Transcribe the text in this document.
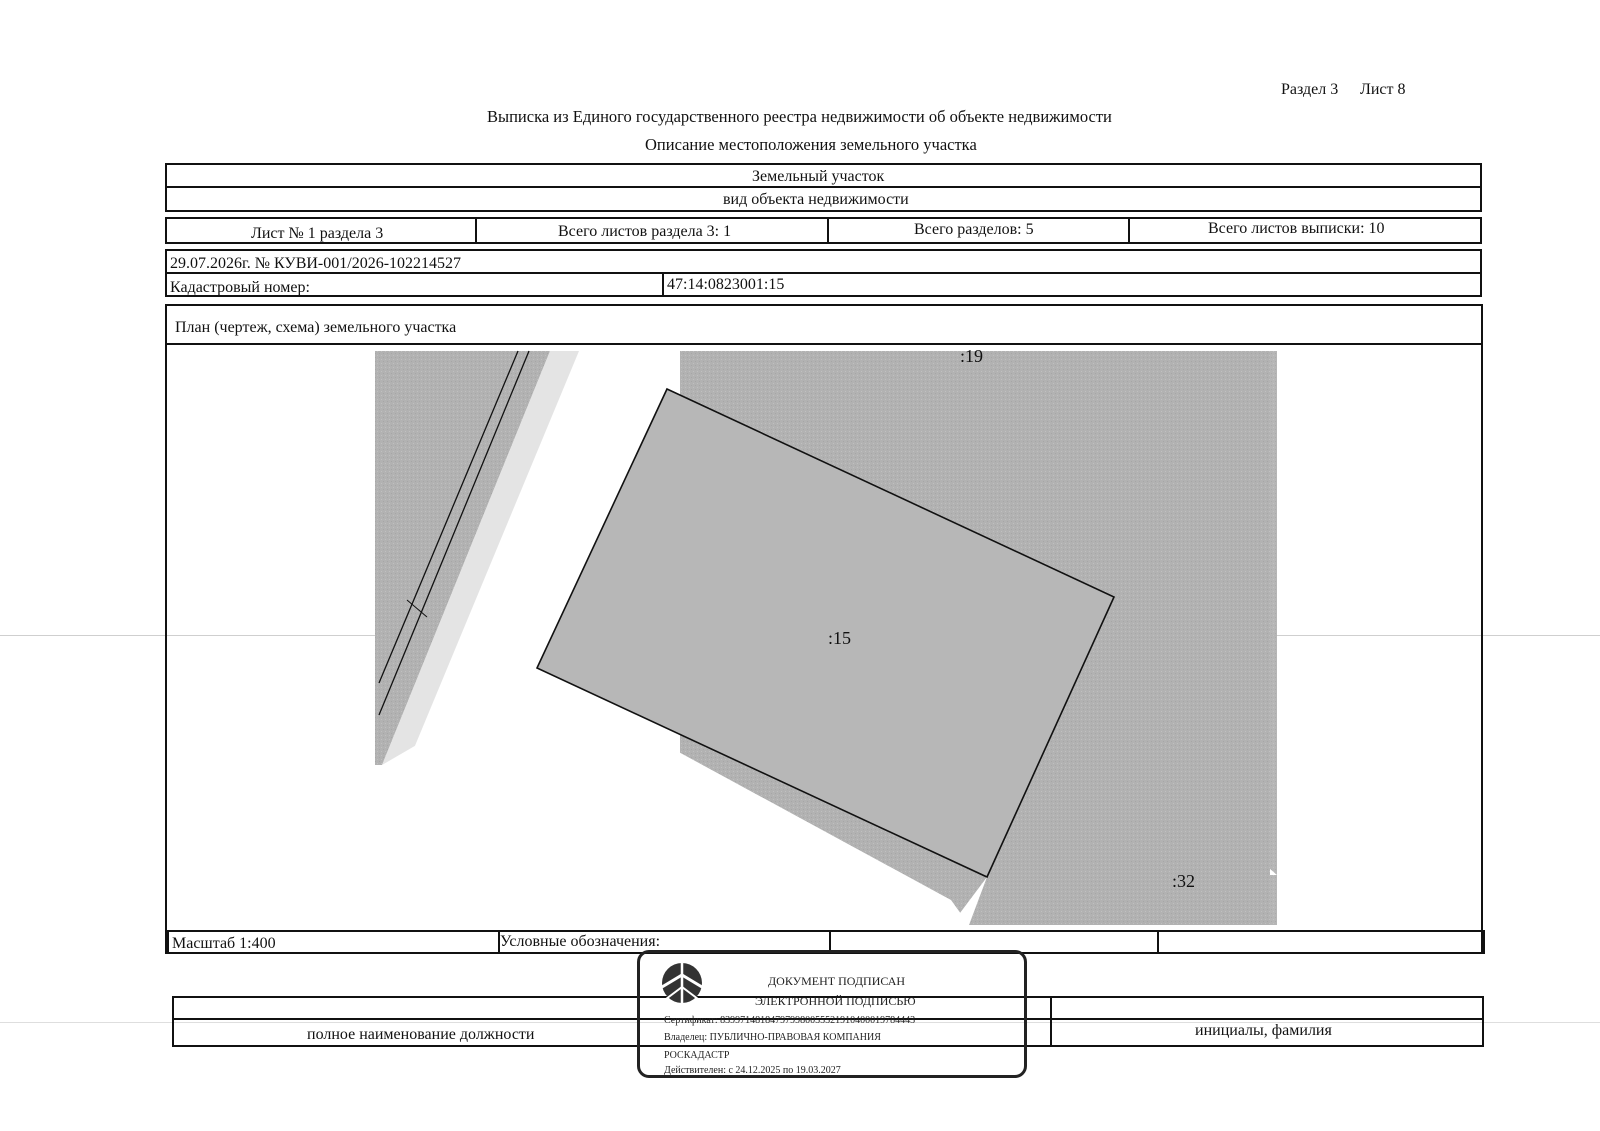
Раздел 3 Лист 8
Выписка из Единого государственного реестра недвижимости об объекте недвижимости
Описание местоположения земельного участка
Земельный участок
вид объекта недвижимости
Лист № 1 раздела 3	Всего листов раздела 3: 1	Всего разделов: 5	Всего листов выписки: 10
29.07.2026г. № КУВИ-001/2026-102214527
Кадастровый номер:	47:14:0823001:15
План (чертеж, схема) земельного участка
:19
:15
:32
Масштаб 1:400	Условные обозначения:
полное наименование должности	инициалы, фамилия
ДОКУМЕНТ ПОДПИСАН
ЭЛЕКТРОННОЙ ПОДПИСЬЮ
Сертификат: 839971481847979980055521910400019784443
Владелец: ПУБЛИЧНО-ПРАВОВАЯ КОМПАНИЯ
РОСКАДАСТР
Действителен: с 24.12.2025 по 19.03.2027
